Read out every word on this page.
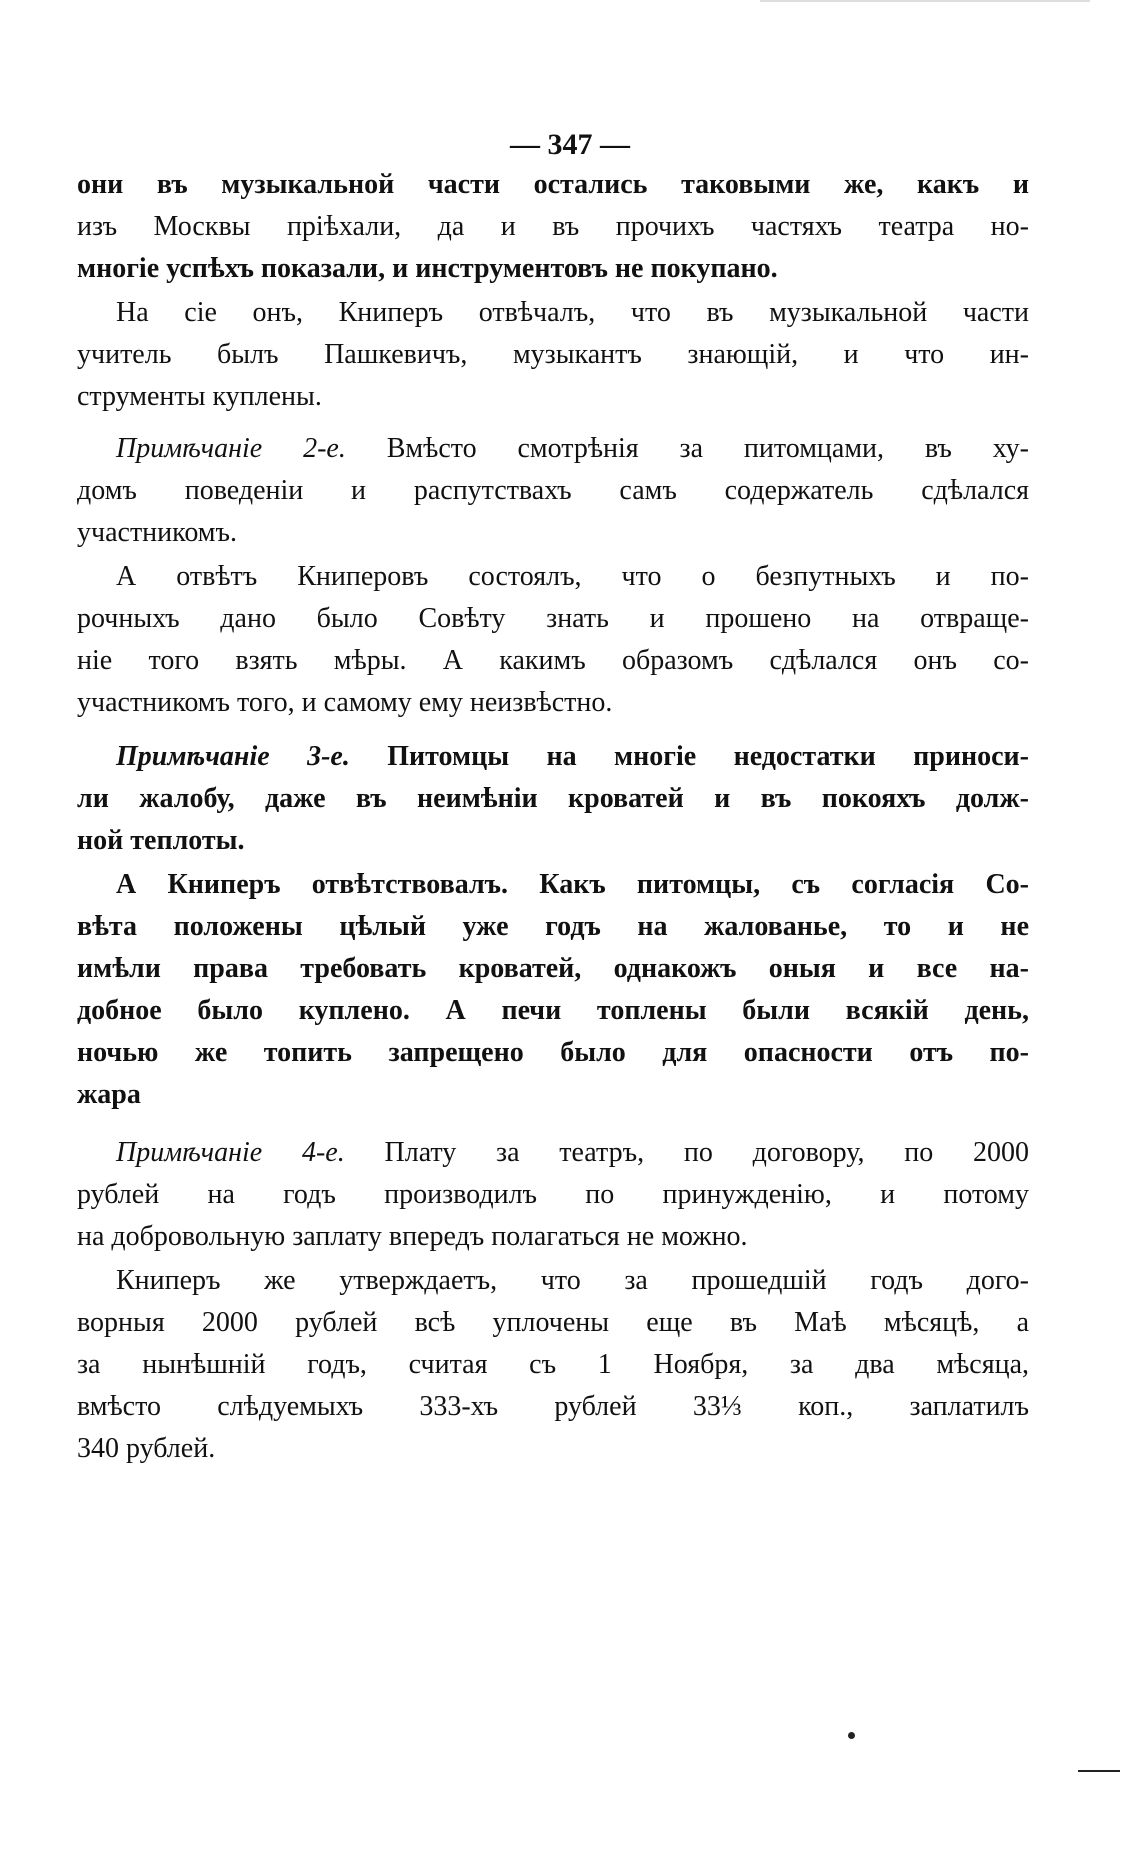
— 347 —
они въ музыкальной части остались таковыми же, какъ и
изъ Москвы пріѣхали, да и въ прочихъ частяхъ театра но-
многіе успѣхъ показали, и инструментовъ не покупано.
На сіе онъ, Книперъ отвѣчалъ, что въ музыкальной части
учитель былъ Пашкевичъ, музыкантъ знающій, и что ин-
струменты куплены.
Примѣчаніе 2-е. Вмѣсто смотрѣнія за питомцами, въ ху-
домъ поведеніи и распутствахъ самъ содержатель сдѣлался
участникомъ.
А отвѣтъ Книперовъ состоялъ, что о безпутныхъ и по-
рочныхъ дано было Совѣту знать и прошено на отвраще-
ніе того взять мѣры. А какимъ образомъ сдѣлался онъ со-
участникомъ того, и самому ему неизвѣстно.
Примѣчаніе 3-е. Питомцы на многіе недостатки приноси-
ли жалобу, даже въ неимѣніи кроватей и въ покояхъ долж-
ной теплоты.
А Книперъ отвѣтствовалъ. Какъ питомцы, съ согласія Со-
вѣта положены цѣлый уже годъ на жалованье, то и не
имѣли права требовать кроватей, однакожъ оныя и все на-
добное было куплено. А печи топлены были всякій день,
ночью же топить запрещено было для опасности отъ по-
жара
Примѣчаніе 4-е. Плату за театръ, по договору, по 2000
рублей на годъ производилъ по принужденію, и потому
на добровольную заплату впередъ полагаться не можно.
Книперъ же утверждаетъ, что за прошедшій годъ дого-
ворныя 2000 рублей всѣ уплочены еще въ Маѣ мѣсяцѣ, а
за нынѣшній годъ, считая съ 1 Ноября, за два мѣсяца,
вмѣсто слѣдуемыхъ 333-хъ рублей 33⅓ коп., заплатилъ
340 рублей.
